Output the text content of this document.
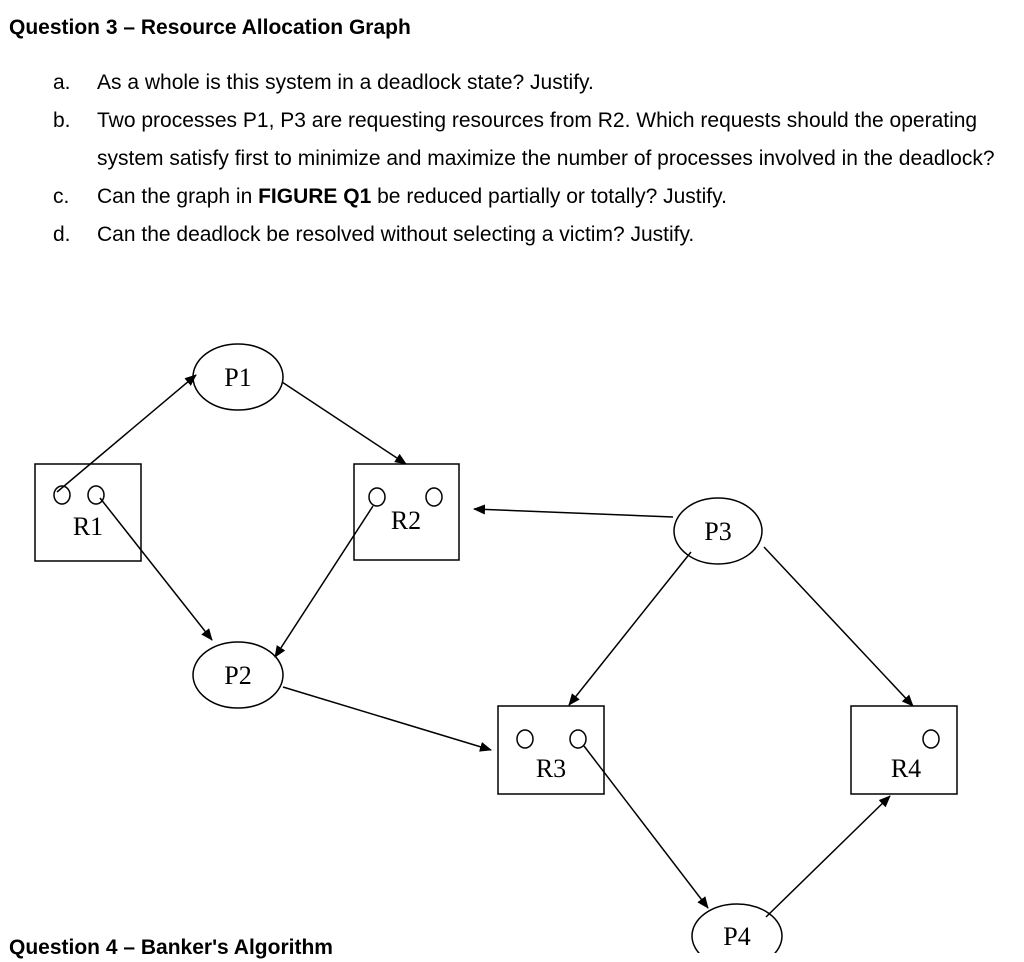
Question 3 – Resource Allocation Graph
a. As a whole is this system in a deadlock state? Justify.
b. Two processes P1, P3 are requesting resources from R2. Which requests should the operating system satisfy first to minimize and maximize the number of processes involved in the deadlock?
c. Can the graph in FIGURE Q1 be reduced partially or totally? Justify.
d. Can the deadlock be resolved without selecting a victim? Justify.
P1
P2
P3
P4
R1	R2
R3	R4
Question 4 – Banker's Algorithm
